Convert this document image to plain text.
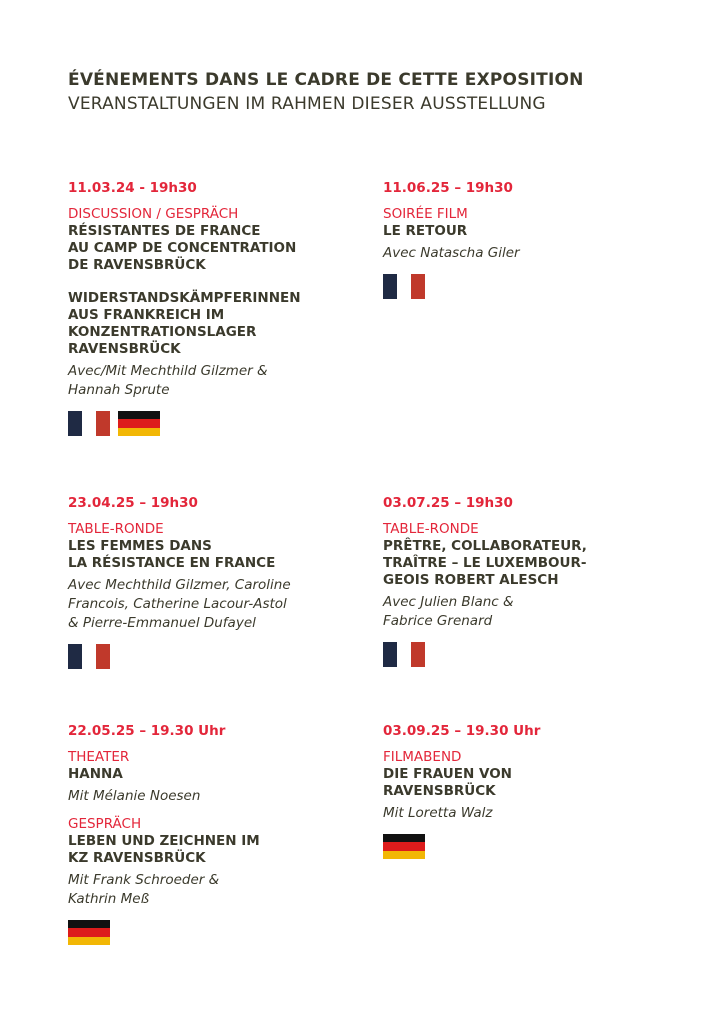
ÉVÉNEMENTS DANS LE CADRE DE CETTE EXPOSITION
VERANSTALTUNGEN IM RAHMEN DIESER AUSSTELLUNG
11.03.24 - 19h30
DISCUSSION / GESPRÄCH
RÉSISTANTES DE FRANCE
AU CAMP DE CONCENTRATION
DE RAVENSBRÜCK
WIDERSTANDSKÄMPFERINNEN
AUS FRANKREICH IM
KONZENTRATIONSLAGER
RAVENSBRÜCK
Avec/Mit Mechthild Gilzmer &
Hannah Sprute
11.06.25 – 19h30
SOIRÉE FILM
LE RETOUR
Avec Natascha Giler
23.04.25 – 19h30
TABLE-RONDE
LES FEMMES DANS
LA RÉSISTANCE EN FRANCE
Avec Mechthild Gilzmer, Caroline
Francois, Catherine Lacour-Astol
& Pierre-Emmanuel Dufayel
03.07.25 – 19h30
TABLE-RONDE
PRÊTRE, COLLABORATEUR,
TRAÎTRE – LE LUXEMBOUR-
GEOIS ROBERT ALESCH
Avec Julien Blanc &
Fabrice Grenard
22.05.25 – 19.30 Uhr
THEATER
HANNA
Mit Mélanie Noesen
GESPRÄCH
LEBEN UND ZEICHNEN IM
KZ RAVENSBRÜCK
Mit Frank Schroeder &
Kathrin Meß
03.09.25 – 19.30 Uhr
FILMABEND
DIE FRAUEN VON
RAVENSBRÜCK
Mit Loretta Walz
